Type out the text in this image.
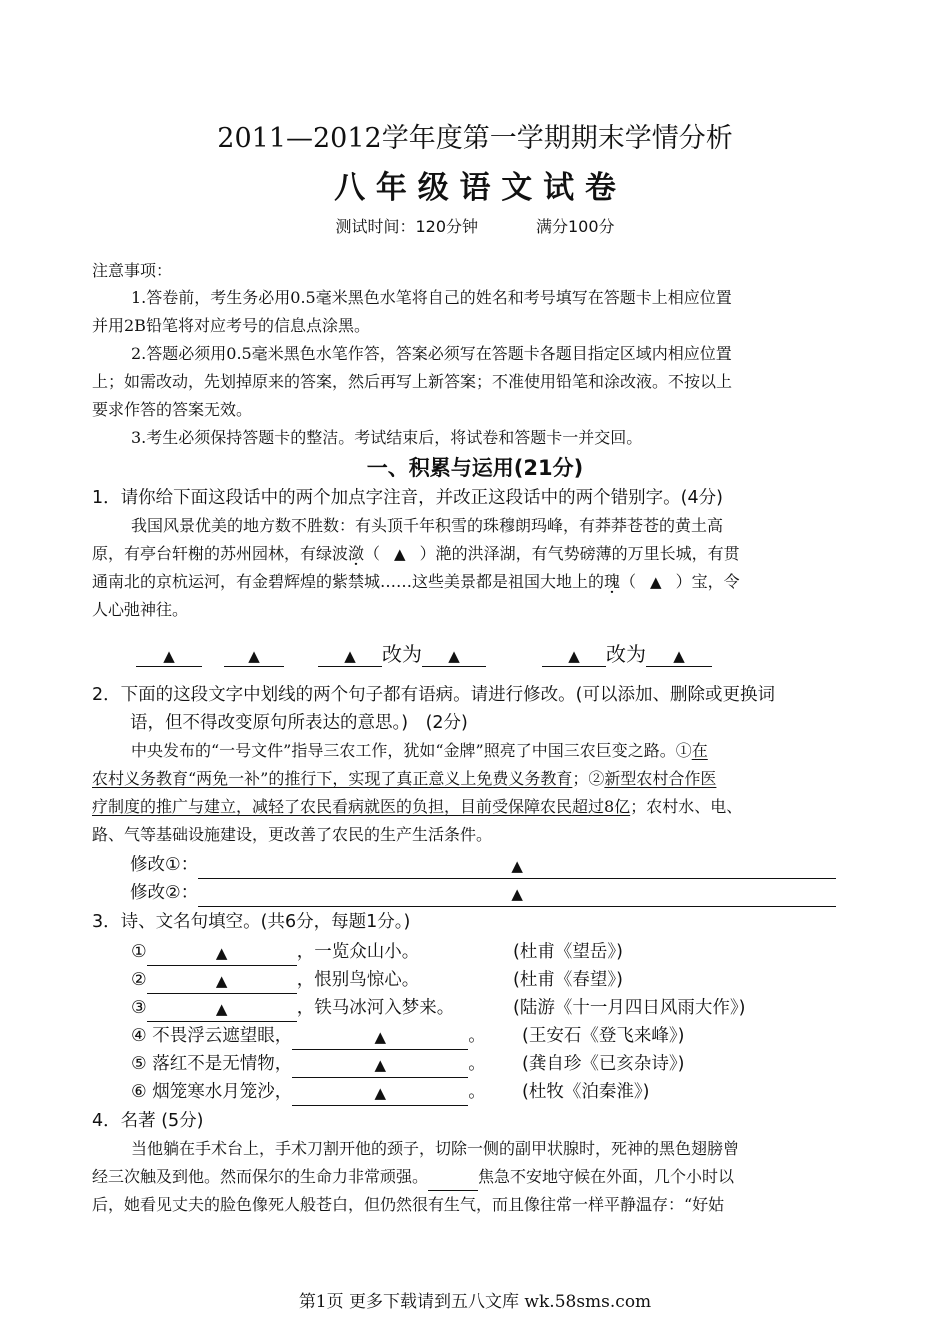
2011—2012学年度第一学期期末学情分析
八 年 级 语 文 试 卷
测试时间：120分钟	满分100分
注意事项：
1.答卷前，考生务必用0.5毫米黑色水笔将自己的姓名和考号填写在答题卡上相应位置
并用2B铅笔将对应考号的信息点涂黑。
2.答题必须用0.5毫米黑色水笔作答，答案必须写在答题卡各题目指定区域内相应位置
上；如需改动，先划掉原来的答案，然后再写上新答案；不准使用铅笔和涂改液。不按以上
要求作答的答案无效。
3.考生必须保持答题卡的整洁。考试结束后，将试卷和答题卡一并交回。
一、积累与运用(21分)
1．请你给下面这段话中的两个加点字注音，并改正这段话中的两个错别字。(4分)
我国风景优美的地方数不胜数：有头顶千年积雪的珠穆朗玛峰，有莽莽苍苍的黄土高
原，有亭台轩榭的苏州园林，有绿波潋（ ▲ ）滟的洪泽湖，有气势磅薄的万里长城，有贯
通南北的京杭运河，有金碧辉煌的紫禁城……这些美景都是祖国大地上的瑰（ ▲ ）宝，令
人心弛神往。
▲	▲	▲ 改为 ▲	▲ 改为 ▲
2．下面的这段文字中划线的两个句子都有语病。请进行修改。(可以添加、删除或更换词
语，但不得改变原句所表达的意思。)　(2分)
中央发布的“一号文件”指导三农工作，犹如“金牌”照亮了中国三农巨变之路。①在
农村义务教育“两免一补”的推行下，实现了真正意义上免费义务教育；②新型农村合作医
疗制度的推广与建立，减轻了农民看病就医的负担，目前受保障农民超过8亿；农村水、电、
路、气等基础设施建设，更改善了农民的生产生活条件。
修改①：	▲
修改②：	▲
3．诗、文名句填空。(共6分，每题1分。)
①	▲	，一览众山小。	(杜甫《望岳》)
②	▲	，恨别鸟惊心。	(杜甫《春望》)
③	▲	，铁马冰河入梦来。	(陆游《十一月四日风雨大作》)
④ 不畏浮云遮望眼，	▲	。 (王安石《登飞来峰》)
⑤ 落红不是无情物，	▲	。 (龚自珍《已亥杂诗》)
⑥ 烟笼寒水月笼沙，	▲	。 (杜牧《泊秦淮》)
4．名著 (5分)
当他躺在手术台上，手术刀割开他的颈子，切除一侧的副甲状腺时，死神的黑色翅膀曾
经三次触及到他。然而保尔的生命力非常顽强。	焦急不安地守候在外面，几个小时以
后，她看见丈夫的脸色像死人般苍白，但仍然很有生气，而且像往常一样平静温存：“好姑
第1页 更多下载请到五八文库 wk.58sms.com
